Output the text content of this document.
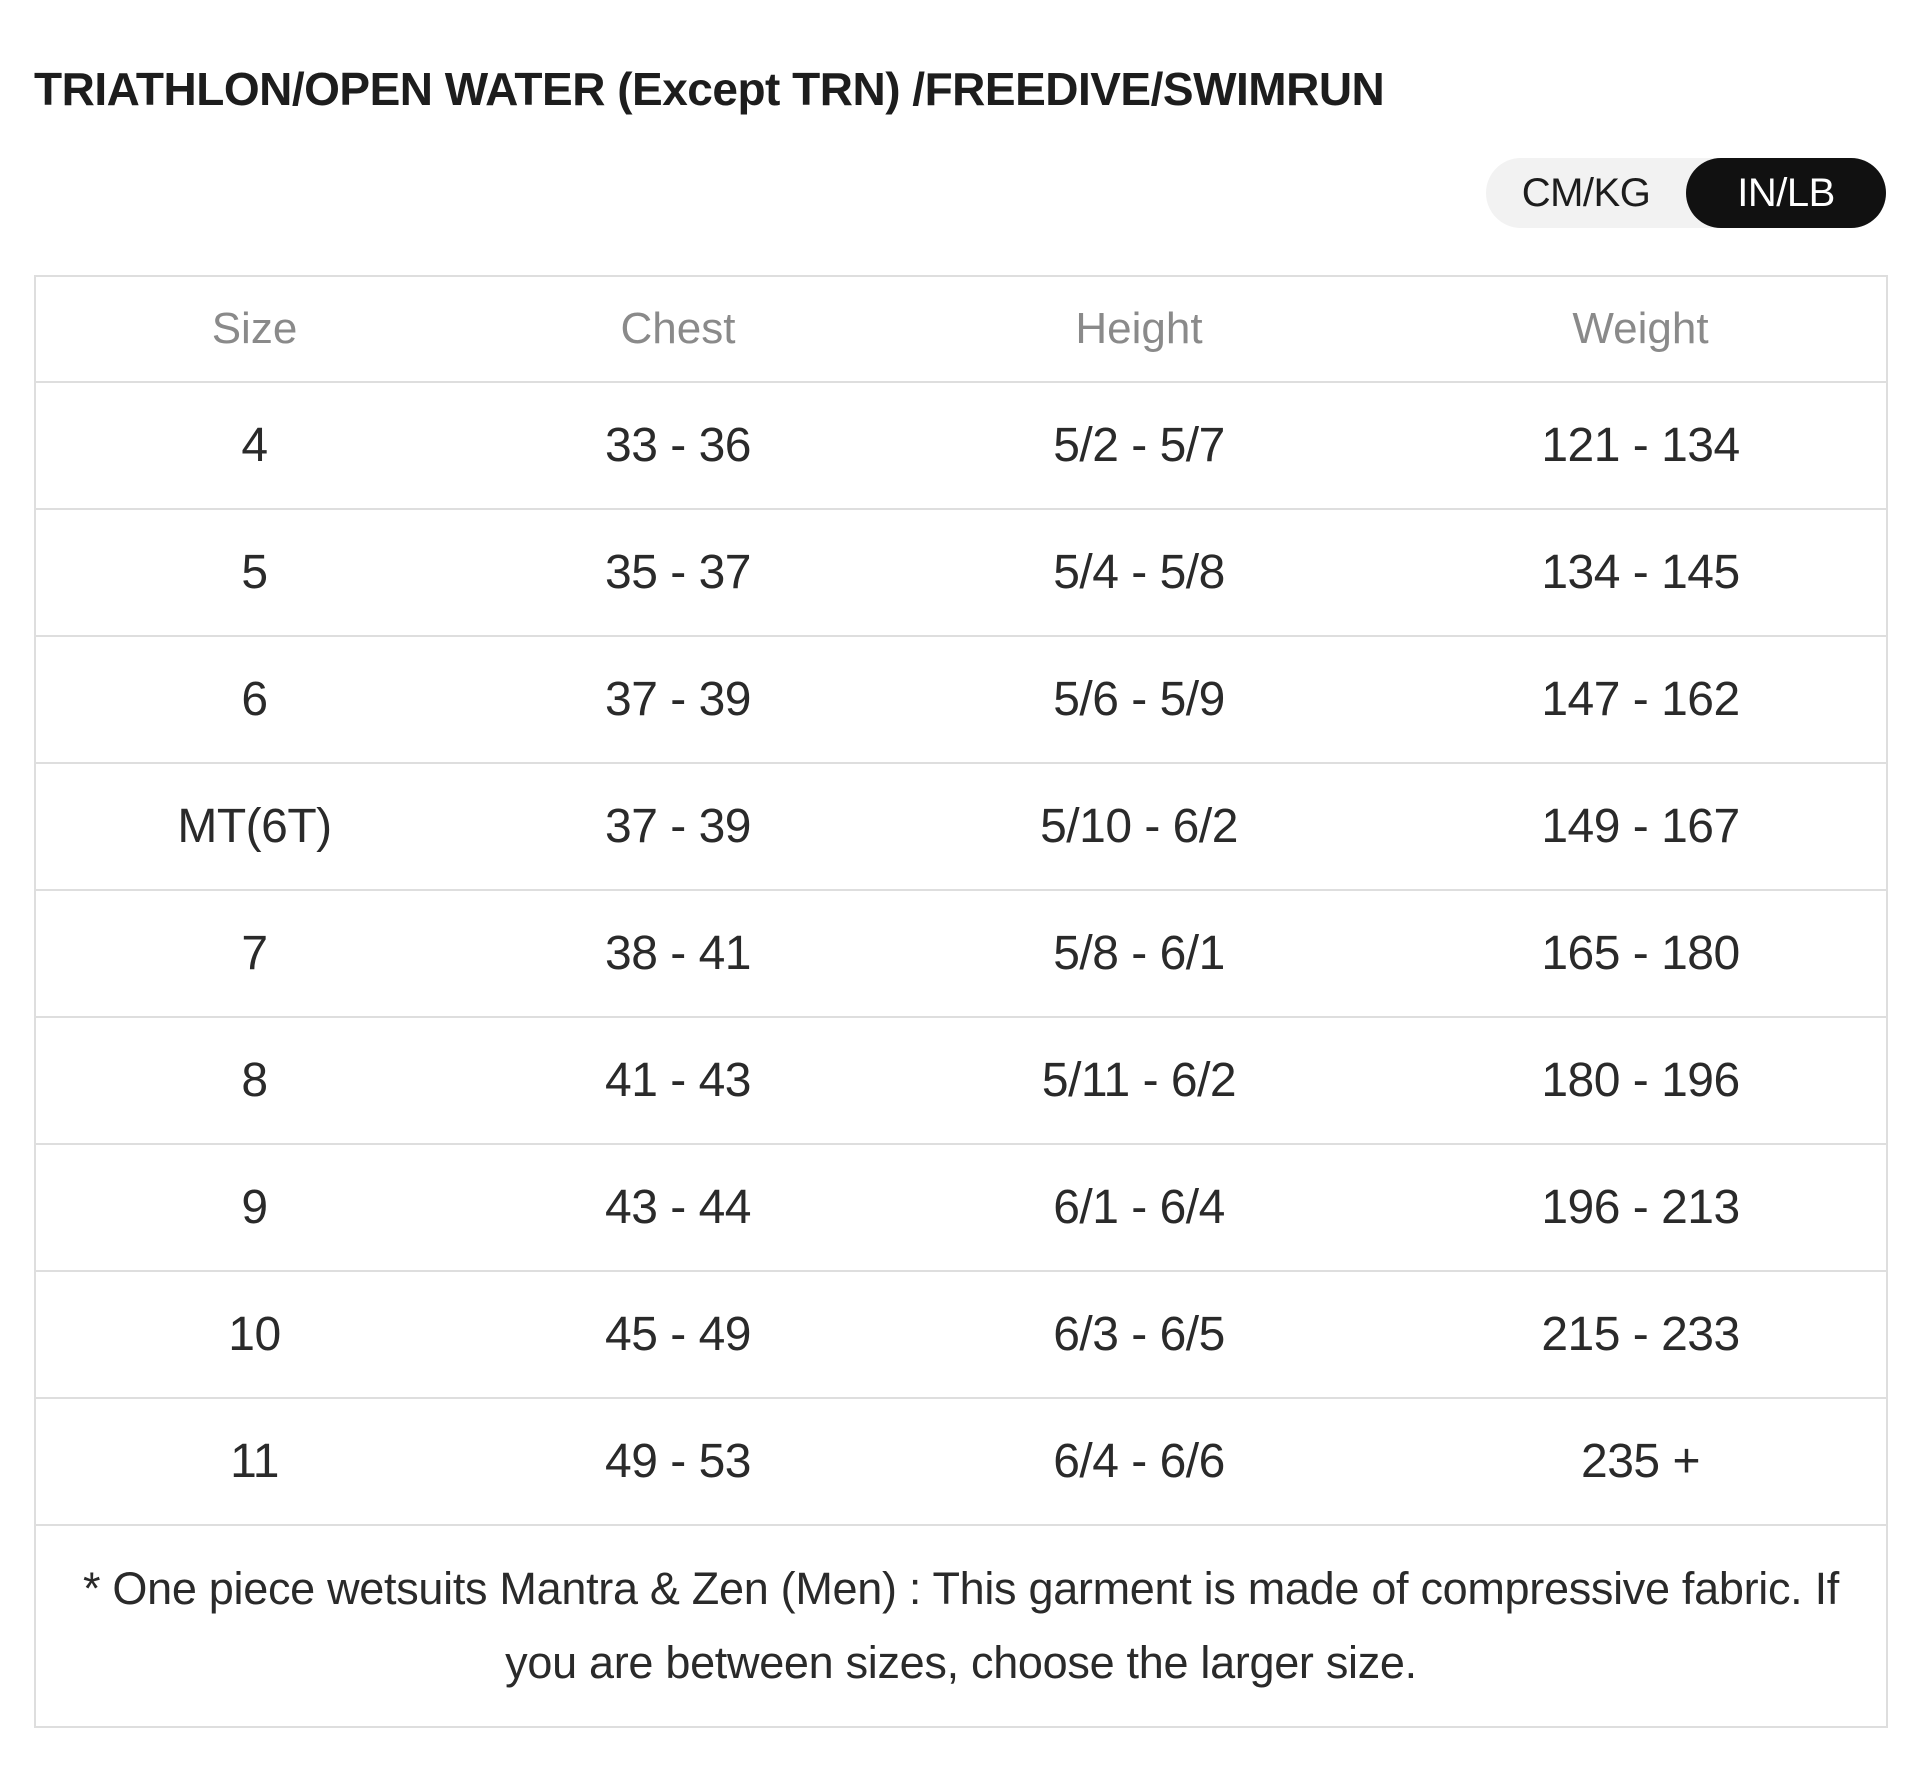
TRIATHLON/OPEN WATER (Except TRN) /FREEDIVE/SWIMRUN
CM/KG	IN/LB
Size	Chest	Height	Weight
4	33 - 36	5/2 - 5/7	121 - 134
5	35 - 37	5/4 - 5/8	134 - 145
6	37 - 39	5/6 - 5/9	147 - 162
MT(6T)	37 - 39	5/10 - 6/2	149 - 167
7	38 - 41	5/8 - 6/1	165 - 180
8	41 - 43	5/11 - 6/2	180 - 196
9	43 - 44	6/1 - 6/4	196 - 213
10	45 - 49	6/3 - 6/5	215 - 233
11	49 - 53	6/4 - 6/6	235 +
* One piece wetsuits Mantra & Zen (Men) : This garment is made of compressive fabric. If you are between sizes, choose the larger size.			
